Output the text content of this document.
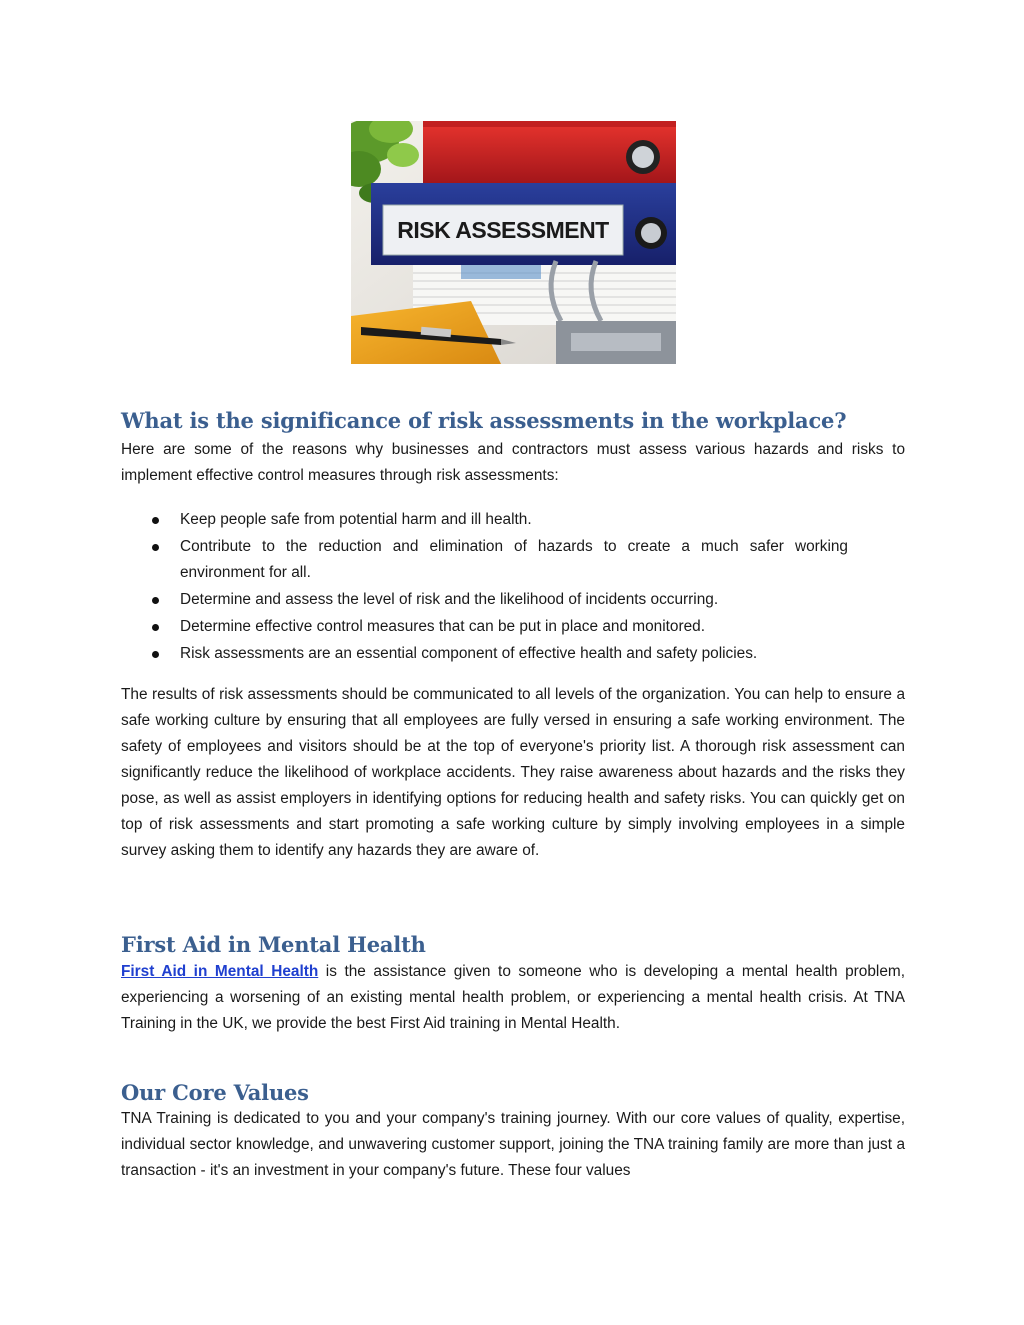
RISK ASSESSMENT
What is the significance of risk assessments in the workplace?

Here are some of the reasons why businesses and contractors must assess various hazards and risks to implement effective control measures through risk assessments:

Keep people safe from potential harm and ill health.
Contribute to the reduction and elimination of hazards to create a much safer working environment for all.
Determine and assess the level of risk and the likelihood of incidents occurring.
Determine effective control measures that can be put in place and monitored.
Risk assessments are an essential component of effective health and safety policies.

The results of risk assessments should be communicated to all levels of the organization. You can help to ensure a safe working culture by ensuring that all employees are fully versed in ensuring a safe working environment. The safety of employees and visitors should be at the top of everyone's priority list. A thorough risk assessment can significantly reduce the likelihood of workplace accidents. They raise awareness about hazards and the risks they pose, as well as assist employers in identifying options for reducing health and safety risks. You can quickly get on top of risk assessments and start promoting a safe working culture by simply involving employees in a simple survey asking them to identify any hazards they are aware of.

First Aid in Mental Health

First Aid in Mental Health is the assistance given to someone who is developing a mental health problem, experiencing a worsening of an existing mental health problem, or experiencing a mental health crisis. At TNA Training in the UK, we provide the best First Aid training in Mental Health.

Our Core Values

TNA Training is dedicated to you and your company's training journey. With our core values of quality, expertise, individual sector knowledge, and unwavering customer support, joining the TNA training family are more than just a transaction - it's an investment in your company's future. These four values
